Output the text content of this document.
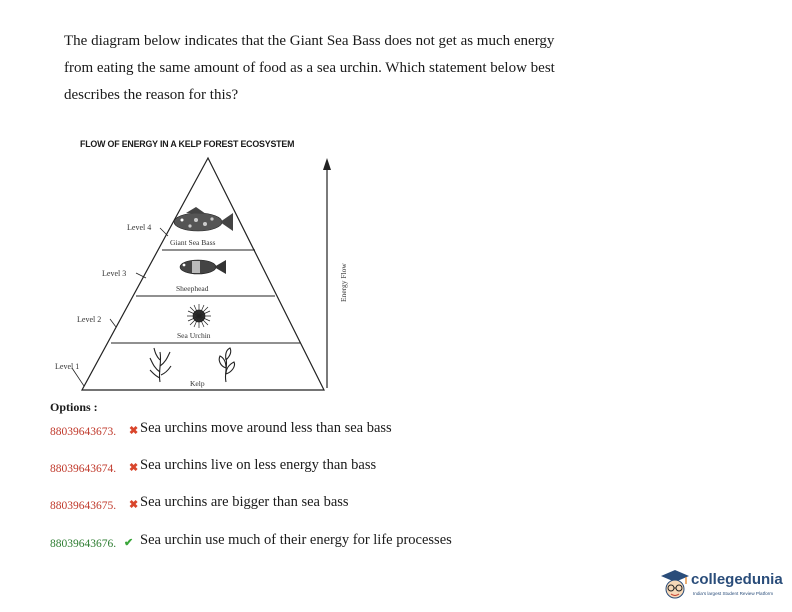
The diagram below indicates that the Giant Sea Bass does not get as much energy
from eating the same amount of food as a sea urchin. Which statement below best
describes the reason for this?
FLOW OF ENERGY IN A KELP FOREST ECOSYSTEM
Level 4
Level 3
Level 2
Level 1
Giant Sea Bass
Sheephead
Sea Urchin
Kelp
Energy Flow
Options :
88039643673. ✖ Sea urchins move around less than sea bass
88039643674. ✖ Sea urchins live on less energy than bass
88039643675. ✖ Sea urchins are bigger than sea bass
88039643676. ✔ Sea urchin use much of their energy for life processes
collegedunia
India's largest Student Review Platform
